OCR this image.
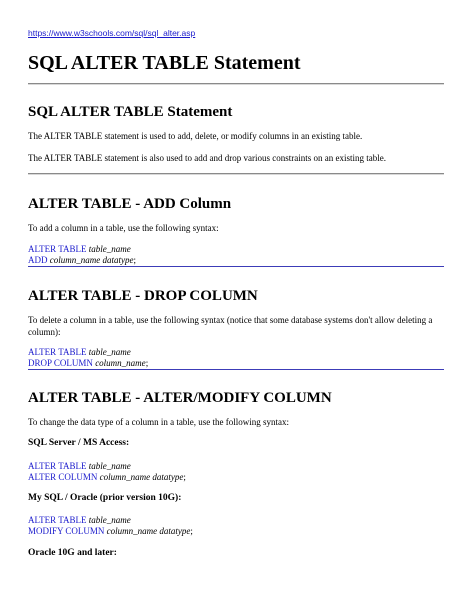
https://www.w3schools.com/sql/sql_alter.asp
SQL ALTER TABLE Statement
SQL ALTER TABLE Statement

The ALTER TABLE statement is used to add, delete, or modify columns in an existing table.

The ALTER TABLE statement is also used to add and drop various constraints on an existing table.

ALTER TABLE - ADD Column

To add a column in a table, use the following syntax:

ALTER TABLE table_name
ADD column_name datatype;
ALTER TABLE - DROP COLUMN

To delete a column in a table, use the following syntax (notice that some database systems don't allow deleting a column):

ALTER TABLE table_name
DROP COLUMN column_name;
ALTER TABLE - ALTER/MODIFY COLUMN

To change the data type of a column in a table, use the following syntax:

SQL Server / MS Access:

ALTER TABLE table_name
ALTER COLUMN column_name datatype;

My SQL / Oracle (prior version 10G):

ALTER TABLE table_name
MODIFY COLUMN column_name datatype;

Oracle 10G and later:
